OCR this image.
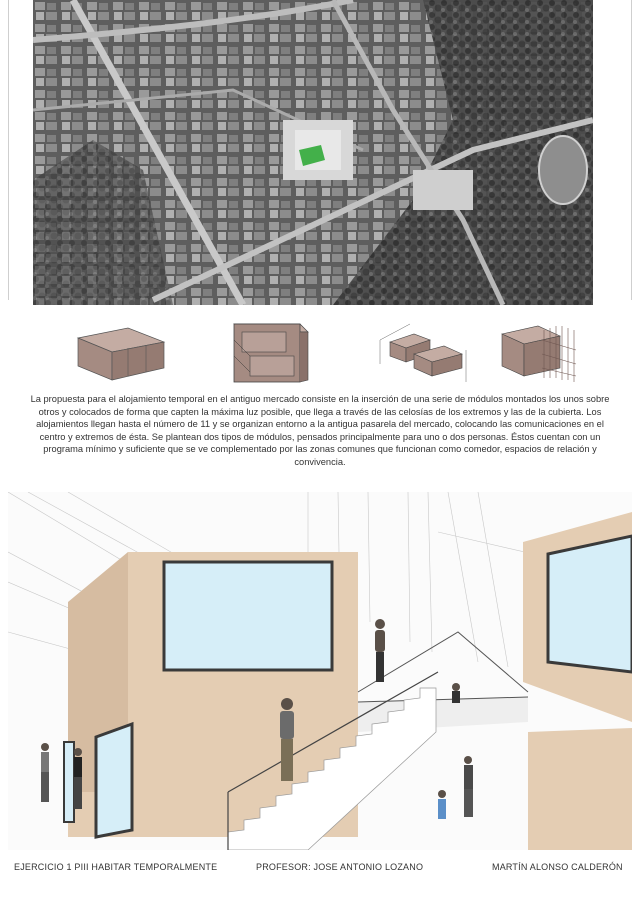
La propuesta para el alojamiento temporal en el antiguo mercado consiste en la inserción de una serie de módulos montados los unos sobre otros y colocados de forma que capten la máxima luz posible, que llega a través de las celosías de los extremos y las de la cubierta. Los alojamientos llegan hasta el número de 11 y se organizan entorno a la antigua pasarela del mercado, colocando las comunicaciones en el centro y extremos de ésta. Se plantean dos tipos de módulos, pensados principalmente para uno o dos personas. Éstos cuentan con un programa mínimo y suficiente que se ve complementado por las zonas comunes que funcionan como comedor, espacios de relación y convivencia.
EJERCICIO 1 PIII HABITAR TEMPORALMENTE	PROFESOR: JOSE ANTONIO LOZANO	MARTÍN ALONSO CALDERÓN
